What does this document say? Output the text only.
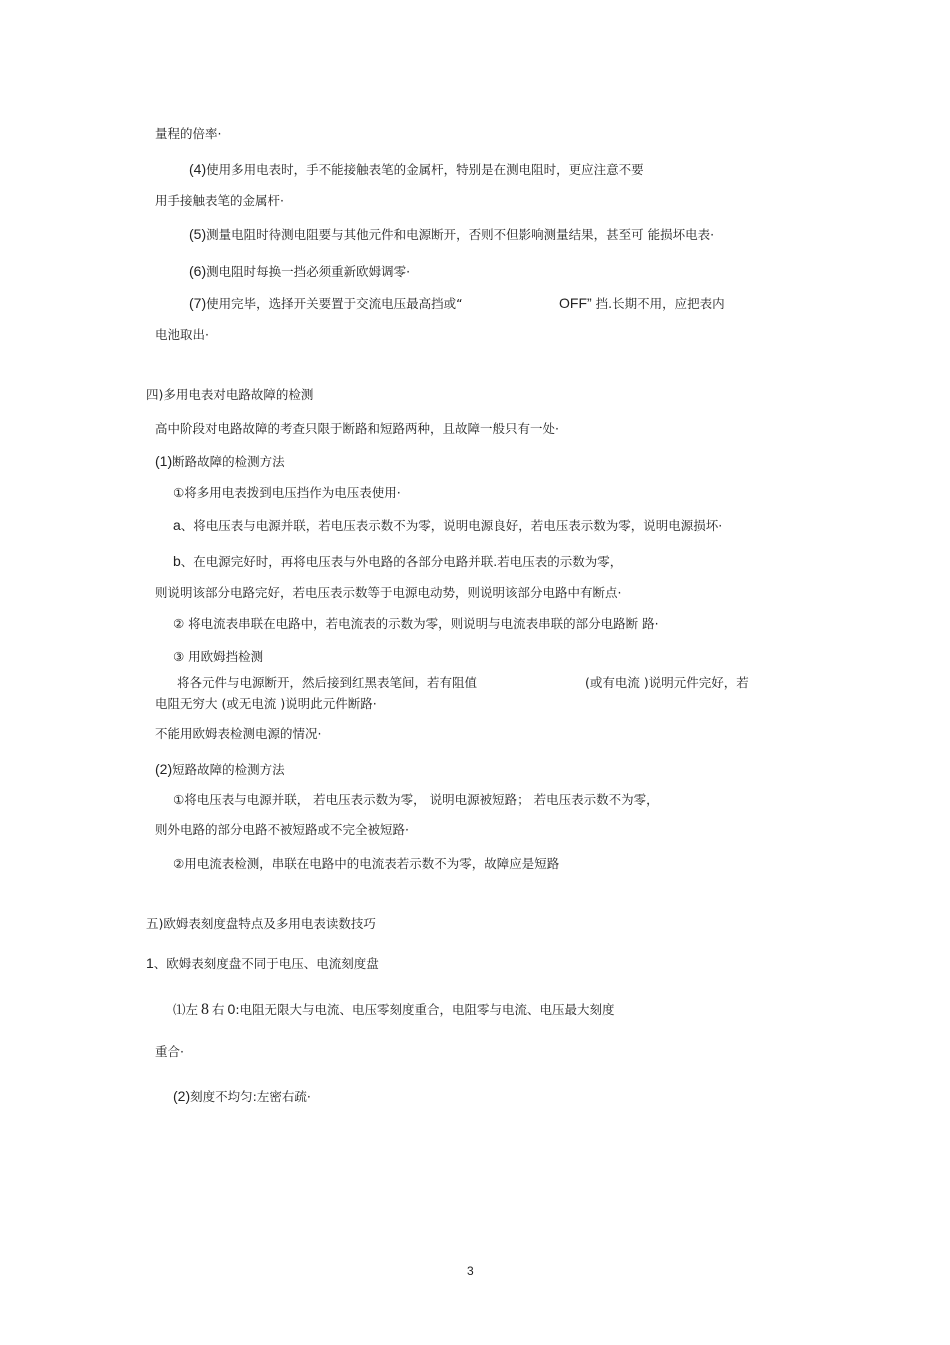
量程的倍率·
(4)使用多用电表时，手不能接触表笔的金属杆，特别是在测电阻时，更应注意不要
用手接触表笔的金属杆·
(5)测量电阻时待测电阻要与其他元件和电源断开，否则不但影响测量结果，甚至可 能损坏电表·
(6)测电阻时每换一挡必须重新欧姆调零·
(7)使用完毕，选择开关要置于交流电压最高挡或“	OFF” 挡.长期不用，应把表内
电池取出·
四)多用电表对电路故障的检测
高中阶段对电路故障的考查只限于断路和短路两种，且故障一般只有一处·
(1)断路故障的检测方法
①将多用电表拨到电压挡作为电压表使用·
a、将电压表与电源并联，若电压表示数不为零，说明电源良好，若电压表示数为零，说明电源损坏·
b、在电源完好时，再将电压表与外电路的各部分电路并联.若电压表的示数为零，
则说明该部分电路完好，若电压表示数等于电源电动势，则说明该部分电路中有断点·
② 将电流表串联在电路中，若电流表的示数为零，则说明与电流表串联的部分电路断 路·
③ 用欧姆挡检测
将各元件与电源断开，然后接到红黑表笔间，若有阻值	(或有电流 )说明元件完好，若
电阻无穷大 (或无电流 )说明此元件断路·
不能用欧姆表检测电源的情况·
(2)短路故障的检测方法
①将电压表与电源并联， 若电压表示数为零， 说明电源被短路； 若电压表示数不为零，
则外电路的部分电路不被短路或不完全被短路·
②用电流表检测，串联在电路中的电流表若示数不为零，故障应是短路
五)欧姆表刻度盘特点及多用电表读数技巧
1、欧姆表刻度盘不同于电压、电流刻度盘
⑴左 8 右 0:电阻无限大与电流、电压零刻度重合，电阻零与电流、电压最大刻度
重合·
(2)刻度不均匀:左密右疏·
3
